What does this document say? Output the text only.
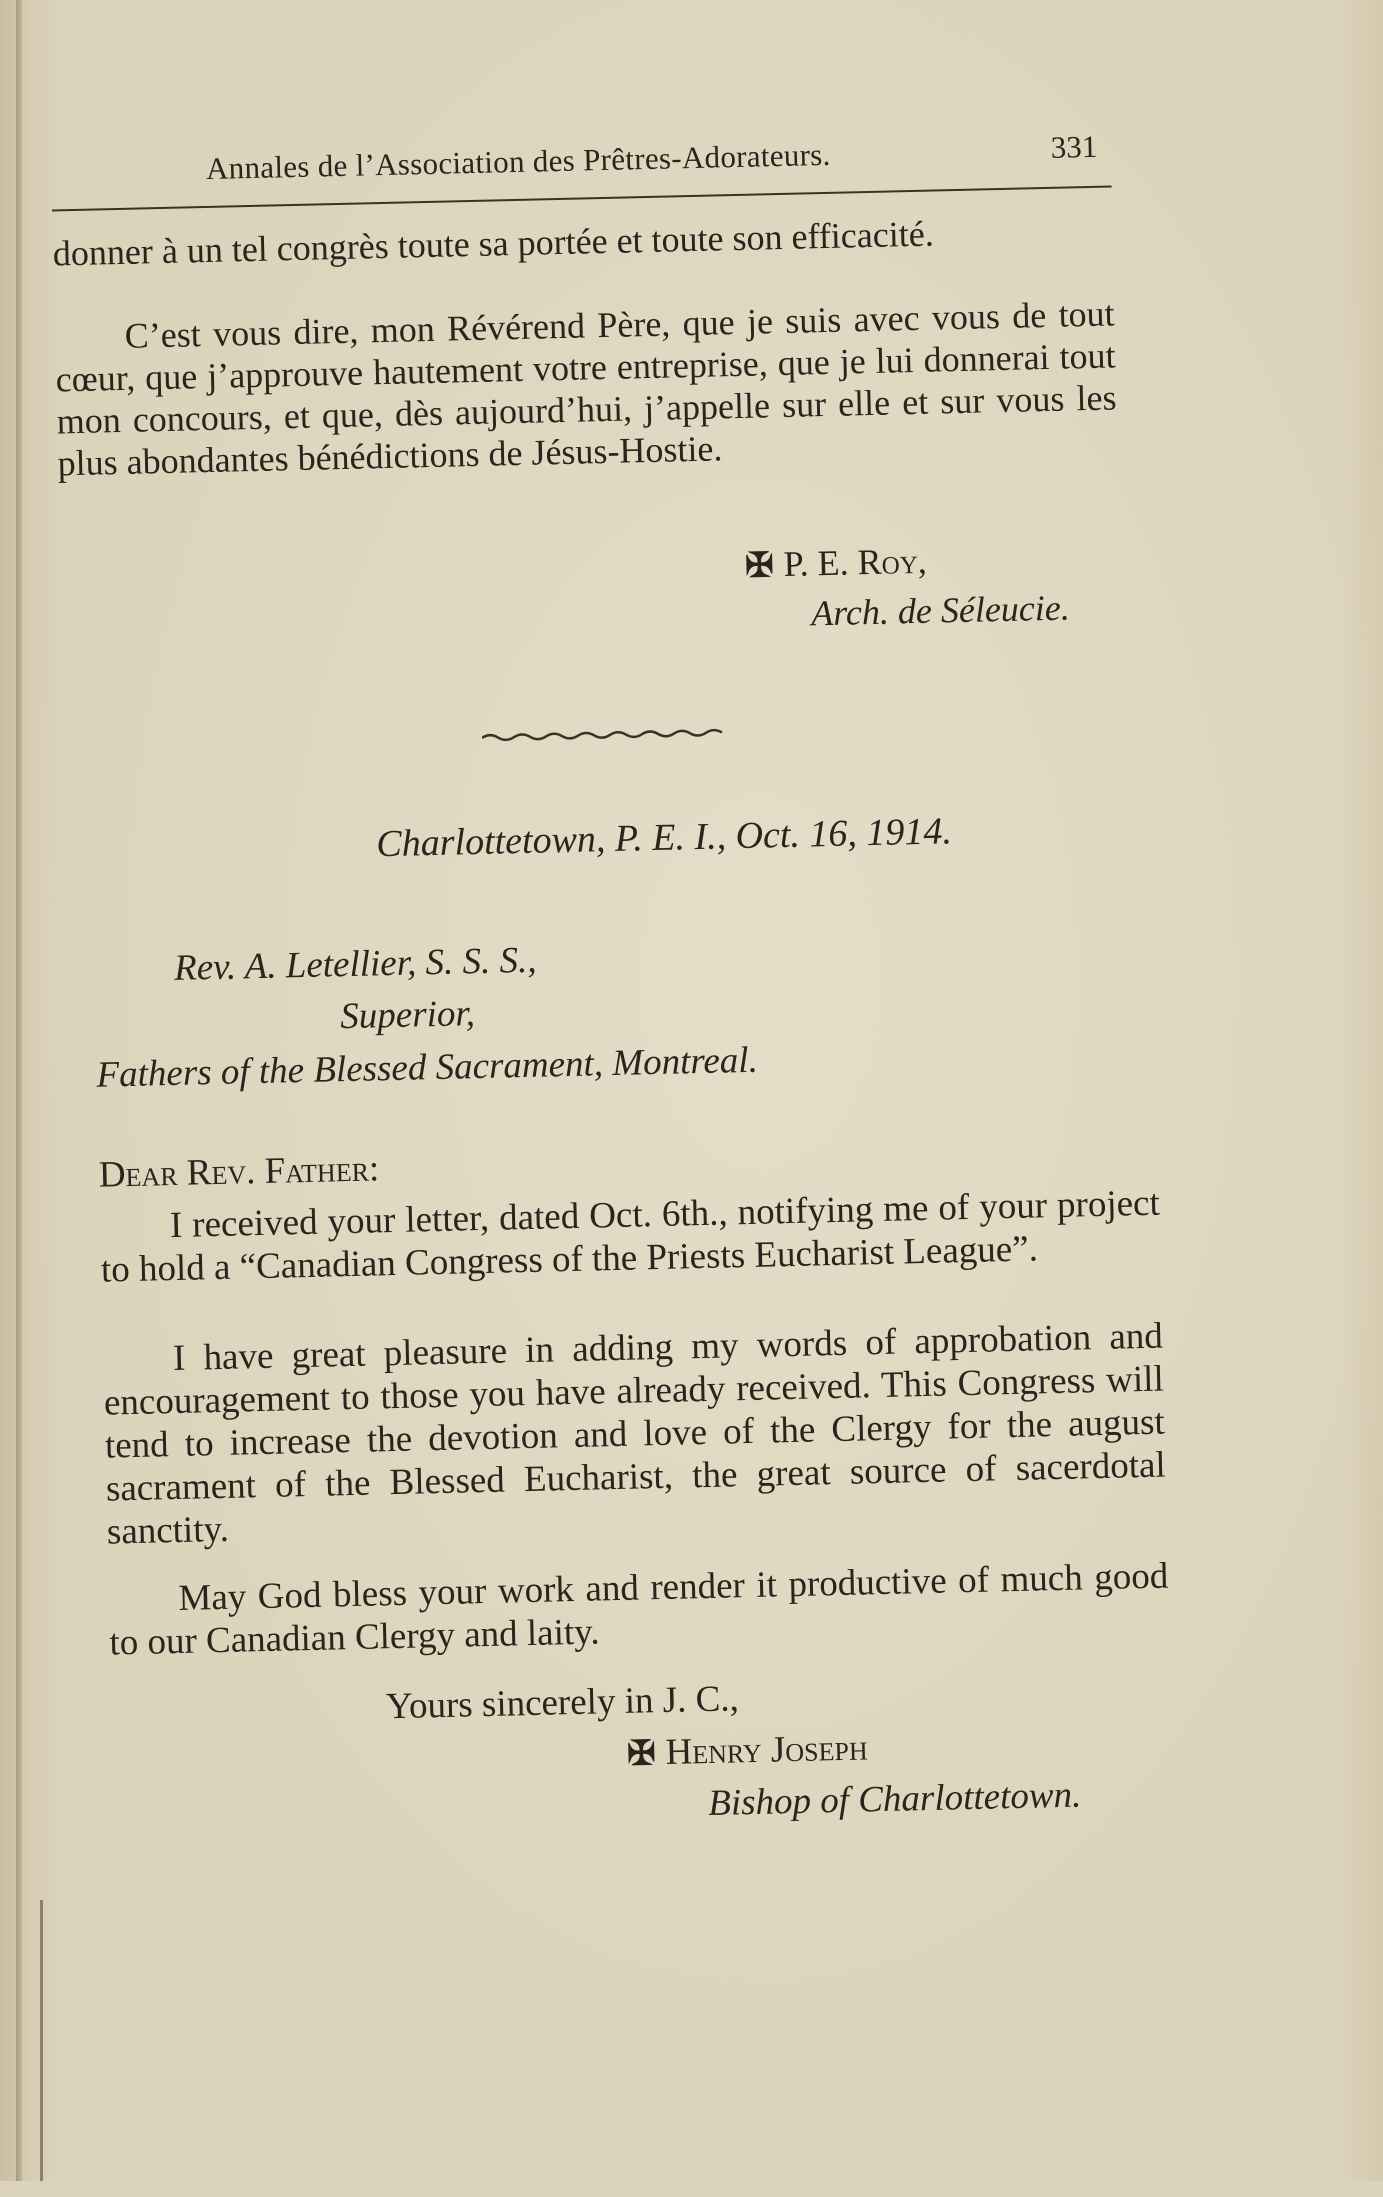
Annales de l’Association des Prêtres-Adorateurs.	331

donner à un tel congrès toute sa portée et toute son efficacité.

C’est vous dire, mon Révérend Père, que je suis avec vous de tout cœur, que j’approuve hautement votre entreprise, que je lui donnerai tout mon concours, et que, dès aujourd’hui, j’appelle sur elle et sur vous les plus abondantes bénédictions de Jésus-Hostie.

✠ P. E. Roy,
Arch. de Séleucie.
Charlottetown, P. E. I., Oct. 16, 1914.
Rev. A. Letellier, S. S. S.,
Superior,
Fathers of the Blessed Sacrament, Montreal.
Dear Rev. Father:

I received your letter, dated Oct. 6th., notifying me of your project to hold a “Canadian Congress of the Priests Eucharist League”.

I have great pleasure in adding my words of approbation and encouragement to those you have already received. This Congress will tend to increase the devotion and love of the Clergy for the august sacrament of the Blessed Eucharist, the great source of sacerdotal sanctity.

May God bless your work and render it productive of much good to our Canadian Clergy and laity.

Yours sincerely in J. C.,
✠ Henry Joseph
Bishop of Charlottetown.
